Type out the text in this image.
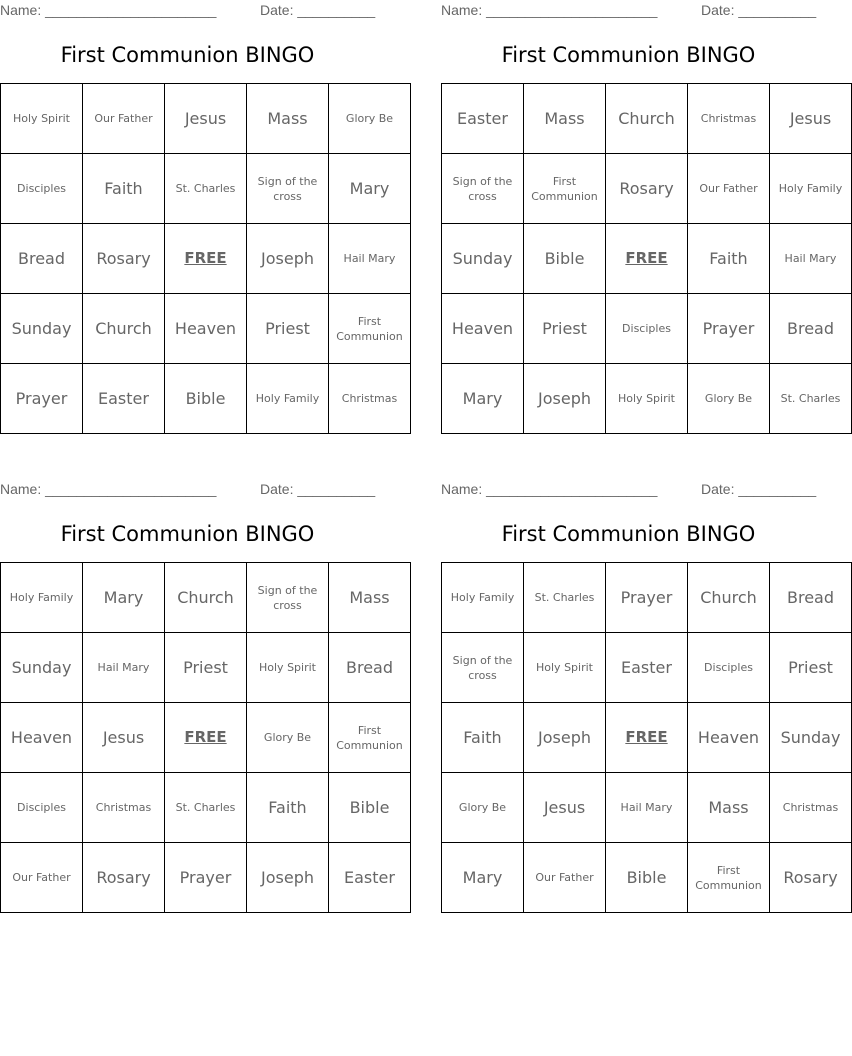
Name: ______________________	Date: __________
First Communion BINGO
Holy Spirit	Our Father	Jesus	Mass	Glory Be
Disciples	Faith	St. Charles	Sign of the cross	Mary
Bread	Rosary	FREE	Joseph	Hail Mary
Sunday	Church	Heaven	Priest	First Communion
Prayer	Easter	Bible	Holy Family	Christmas
Name: ______________________	Date: __________
First Communion BINGO
Easter	Mass	Church	Christmas	Jesus
Sign of the cross	First Communion	Rosary	Our Father	Holy Family
Sunday	Bible	FREE	Faith	Hail Mary
Heaven	Priest	Disciples	Prayer	Bread
Mary	Joseph	Holy Spirit	Glory Be	St. Charles
Name: ______________________	Date: __________
First Communion BINGO
Holy Family	Mary	Church	Sign of the cross	Mass
Sunday	Hail Mary	Priest	Holy Spirit	Bread
Heaven	Jesus	FREE	Glory Be	First Communion
Disciples	Christmas	St. Charles	Faith	Bible
Our Father	Rosary	Prayer	Joseph	Easter
Name: ______________________	Date: __________
First Communion BINGO
Holy Family	St. Charles	Prayer	Church	Bread
Sign of the cross	Holy Spirit	Easter	Disciples	Priest
Faith	Joseph	FREE	Heaven	Sunday
Glory Be	Jesus	Hail Mary	Mass	Christmas
Mary	Our Father	Bible	First Communion	Rosary
